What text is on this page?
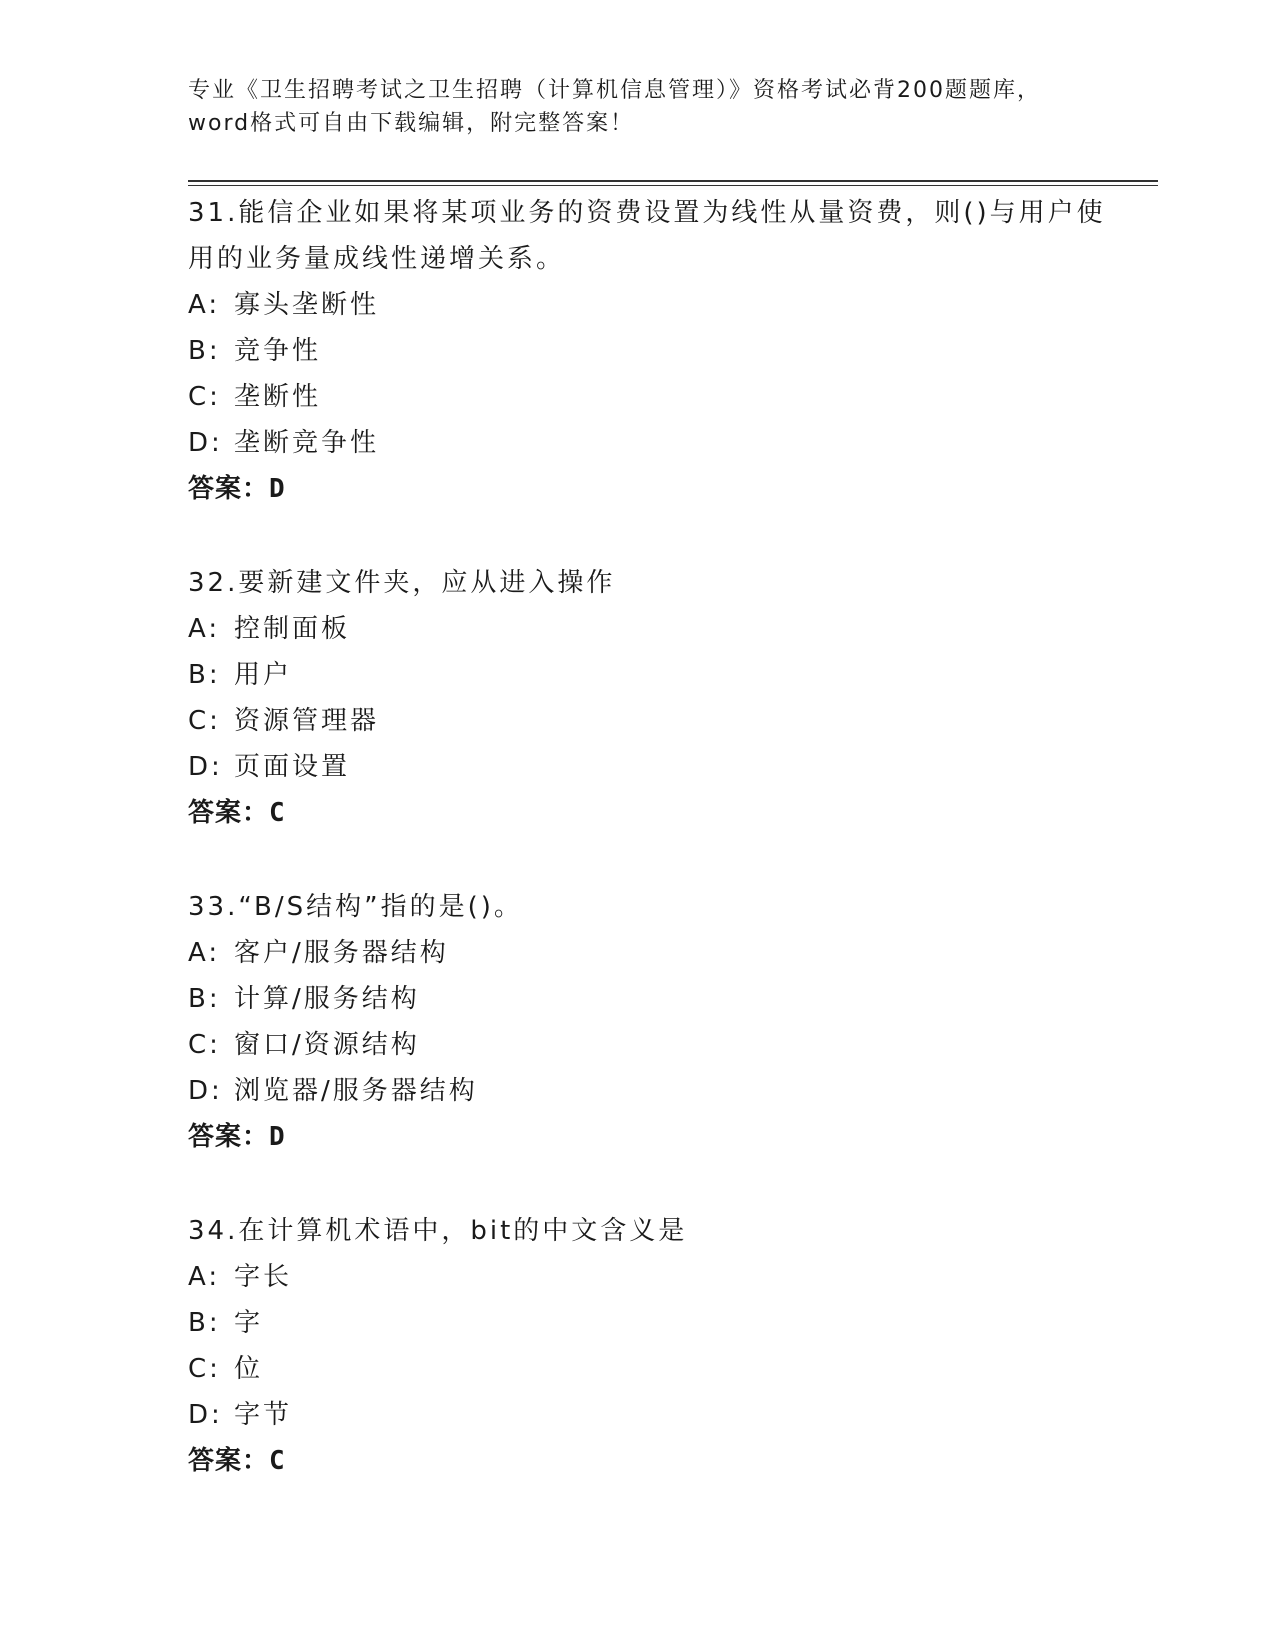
专业《卫生招聘考试之卫生招聘（计算机信息管理）》资格考试必背200题题库，
word格式可自由下载编辑，附完整答案！
31.能信企业如果将某项业务的资费设置为线性从量资费，则()与用户使用的业务量成线性递增关系。
A: 寡头垄断性
B: 竞争性
C: 垄断性
D: 垄断竞争性
答案：D
32.要新建文件夹，应从进入操作
A: 控制面板
B: 用户
C: 资源管理器
D: 页面设置
答案：C
33.“B/S结构”指的是()。
A: 客户/服务器结构
B: 计算/服务结构
C: 窗口/资源结构
D: 浏览器/服务器结构
答案：D
34.在计算机术语中，bit的中文含义是
A: 字长
B: 字
C: 位
D: 字节
答案：C
